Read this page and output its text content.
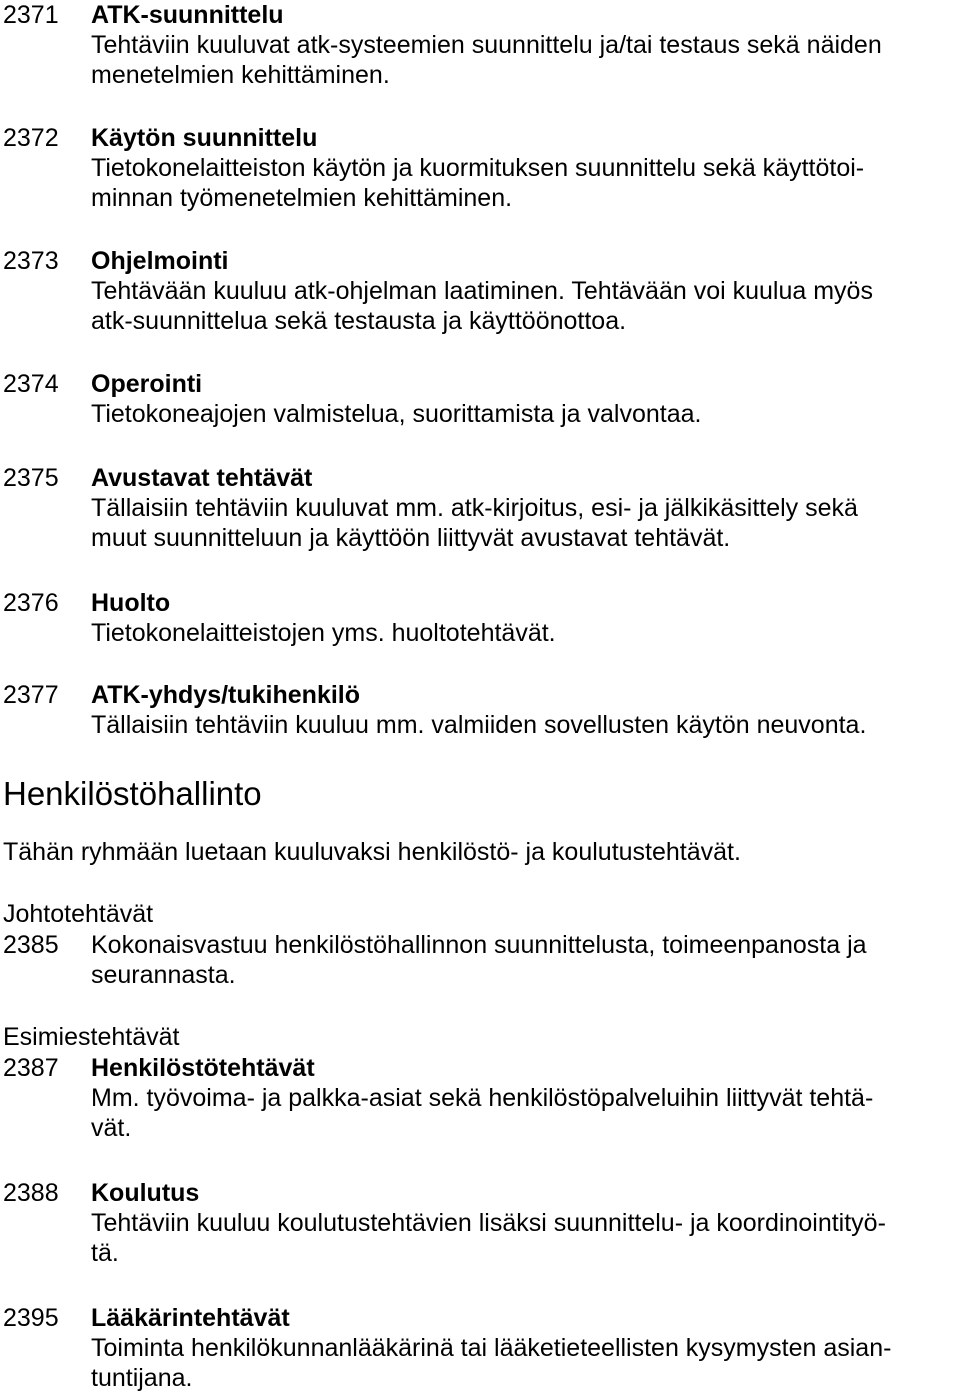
2371 ATK-suunnittelu
Tehtäviin kuuluvat atk-systeemien suunnittelu ja/tai testaus sekä näiden
menetelmien kehittäminen.
2372 Käytön suunnittelu
Tietokonelaitteiston käytön ja kuormituksen suunnittelu sekä käyttötoi-
minnan työmenetelmien kehittäminen.
2373 Ohjelmointi
Tehtävään kuuluu atk-ohjelman laatiminen. Tehtävään voi kuulua myös
atk-suunnittelua sekä testausta ja käyttöönottoa.
2374 Operointi
Tietokoneajojen valmistelua, suorittamista ja valvontaa.
2375 Avustavat tehtävät
Tällaisiin tehtäviin kuuluvat mm. atk-kirjoitus, esi- ja jälkikäsittely sekä
muut suunnitteluun ja käyttöön liittyvät avustavat tehtävät.
2376 Huolto
Tietokonelaitteistojen yms. huoltotehtävät.
2377 ATK-yhdys/tukihenkilö
Tällaisiin tehtäviin kuuluu mm. valmiiden sovellusten käytön neuvonta.
Henkilöstöhallinto
Tähän ryhmään luetaan kuuluvaksi henkilöstö- ja koulutustehtävät.
Johtotehtävät
2385 Kokonaisvastuu henkilöstöhallinnon suunnittelusta, toimeenpanosta ja
seurannasta.
Esimiestehtävät
2387 Henkilöstötehtävät
Mm. työvoima- ja palkka-asiat sekä henkilöstöpalveluihin liittyvät tehtä-
vät.
2388 Koulutus
Tehtäviin kuuluu koulutustehtävien lisäksi suunnittelu- ja koordinointityö-
tä.
2395 Lääkärintehtävät
Toiminta henkilökunnanlääkärinä tai lääketieteellisten kysymysten asian-
tuntijana.
